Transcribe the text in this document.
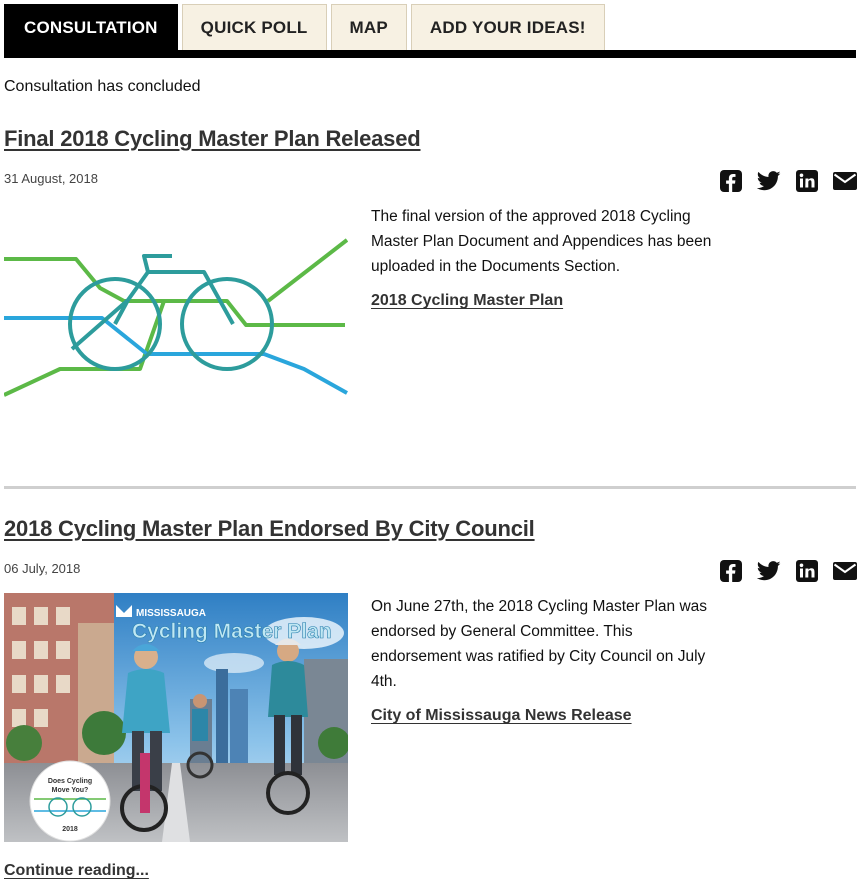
CONSULTATION	QUICK POLL	MAP	ADD YOUR IDEAS!
Consultation has concluded
Final 2018 Cycling Master Plan Released
31 August, 2018
The final version of the approved 2018 Cycling Master Plan Document and Appendices has been uploaded in the Documents Section.
2018 Cycling Master Plan
2018 Cycling Master Plan Endorsed By City Council
06 July, 2018
MISSISSAUGA
Cycling Master Plan
Does Cycling
Move You?
2018
On June 27th, the 2018 Cycling Master Plan was endorsed by General Committee. This endorsement was ratified by City Council on July 4th.
City of Mississauga News Release
Continue reading...
